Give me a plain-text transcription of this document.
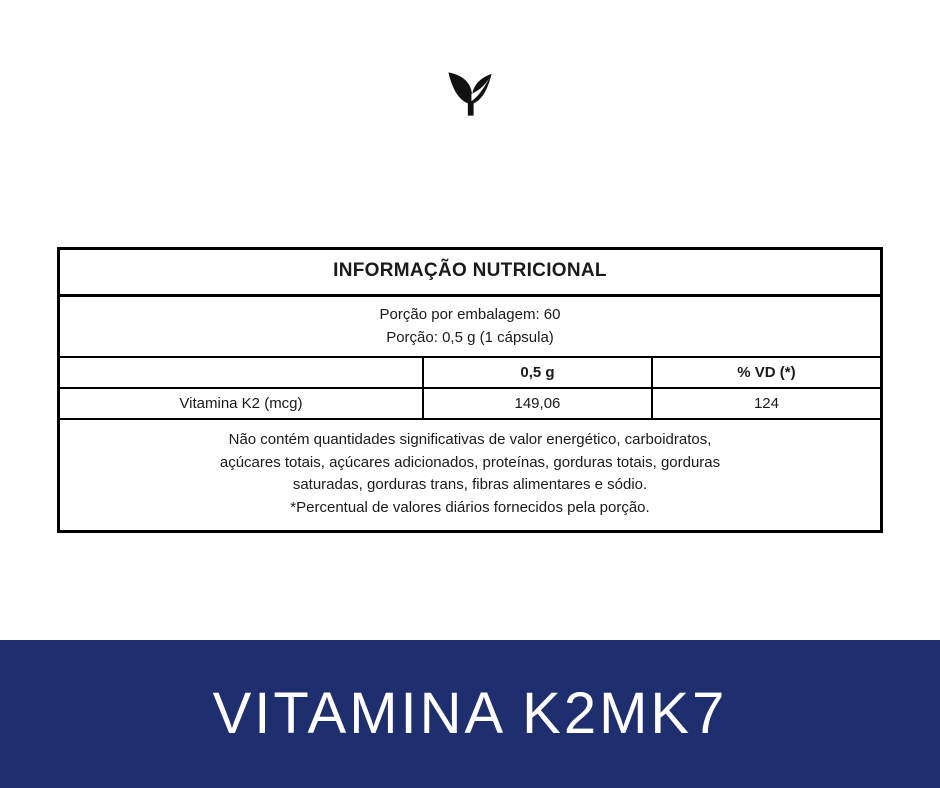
INFORMAÇÃO NUTRICIONAL
Porção por embalagem: 60
Porção: 0,5 g (1 cápsula)
	0,5 g	% VD (*)
Vitamina K2 (mcg)	149,06	124
Não contém quantidades significativas de valor energético, carboidratos,
açúcares totais, açúcares adicionados, proteínas, gorduras totais, gorduras
saturadas, gorduras trans, fibras alimentares e sódio.
*Percentual de valores diários fornecidos pela porção.
VITAMINA K2MK7
